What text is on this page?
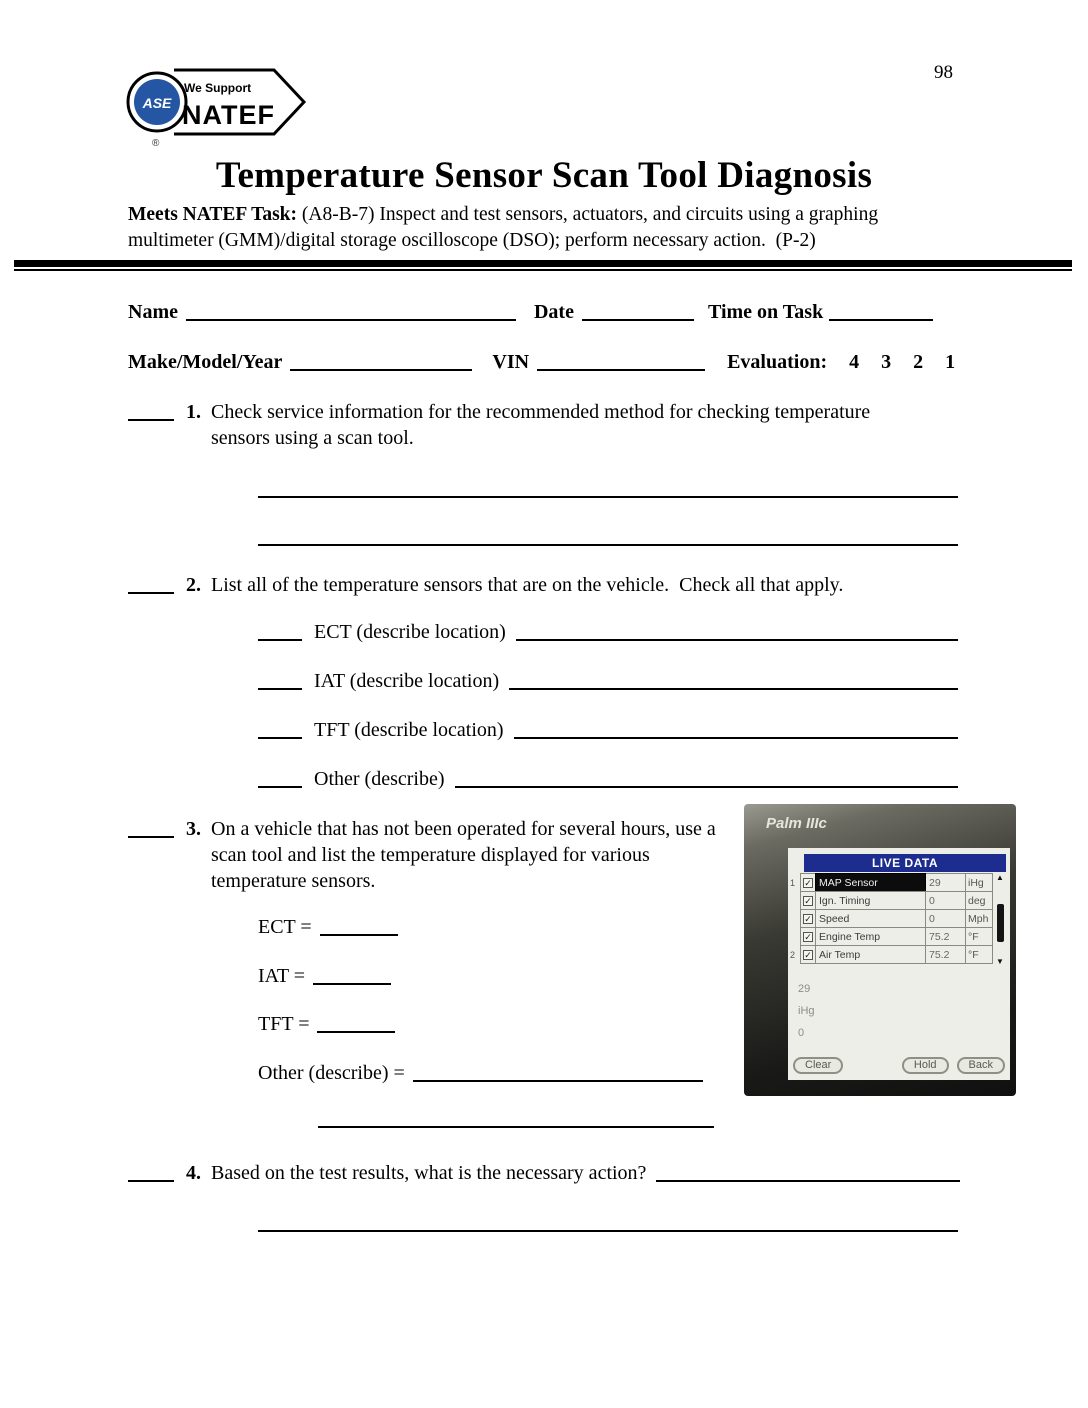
98
ASE
We Support
NATEF
®
Temperature Sensor Scan Tool Diagnosis

Meets NATEF Task: (A8-B-7) Inspect and test sensors, actuators, and circuits using a graphing multimeter (GMM)/digital storage oscilloscope (DSO); perform necessary action.  (P-2)

Name	Date	Time on Task
Make/Model/Year	VIN	Evaluation: 4 3 2 1
1. Check service information for the recommended method for checking temperature sensors using a scan tool.
2. List all of the temperature sensors that are on the vehicle.  Check all that apply.
ECT (describe location)
IAT (describe location)
TFT (describe location)
Other (describe)
3. On a vehicle that has not been operated for several hours, use a scan tool and list the temperature displayed for various temperature sensors.
ECT =
IAT =
TFT =
Other (describe) =
Palm IIIc
LIVE DATA
1	✓ MAP Sensor	29	iHg
✓ Ign. Timing	0	deg
✓ Speed	0	Mph
✓ Engine Temp	75.2	°F
2	✓ Air Temp	75.2	°F
▲
▼
29
iHg
0
Clear	Hold	Back
4. Based on the test results, what is the necessary action?
